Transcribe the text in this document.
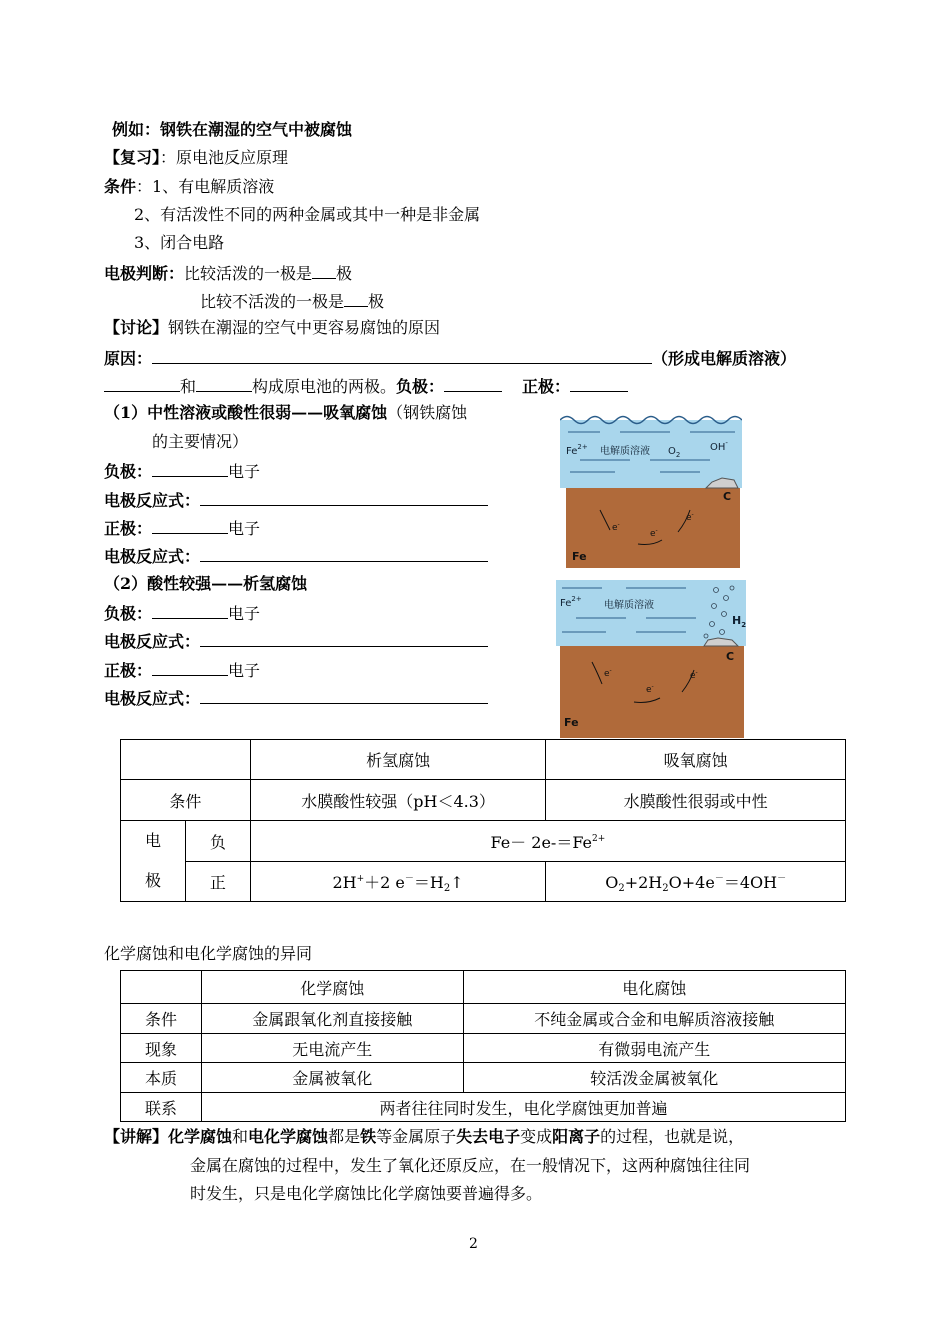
例如：钢铁在潮湿的空气中被腐蚀
【复习】：原电池反应原理
条件：1、有电解质溶液
2、有活泼性不同的两种金属或其中一种是非金属
3、闭合电路
电极判断：比较活泼的一极是 极
比较不活泼的一极是 极
【讨论】钢铁在潮湿的空气中更容易腐蚀的原因
原因：	（形成电解质溶液）
和	构成原电池的两极。负极：	正极：
（1）中性溶液或酸性很弱——吸氧腐蚀（钢铁腐蚀
的主要情况）
负极：	电子
电极反应式：
正极：	电子
电极反应式：
（2）酸性较强——析氢腐蚀
负极：	电子
电极反应式：
正极：	电子
电极反应式：
$Fe^{2+}$ 电解质溶液 $O_2$
OH-
C
e-
e-
e-
Fe
$Fe^{2+}$
电解质溶液
$H_2$
C
e-
e-
e-
Fe
		析氢腐蚀	吸氧腐蚀
条件		水膜酸性较强（pH＜4.3）	水膜酸性很弱或中性
电
极	负	$Fe- 2e-=Fe^{2+}$
	正	2H+＋2 $e^-=H_2↑$	$O_2+2H_2O+4e^-=4OH^-$
化学腐蚀和电化学腐蚀的异同
	化学腐蚀	电化腐蚀
条件	金属跟氧化剂直接接触	不纯金属或合金和电解质溶液接触
现象	无电流产生	有微弱电流产生
本质	金属被氧化	较活泼金属被氧化
联系	两者往往同时发生，电化学腐蚀更加普遍	
【讲解】化学腐蚀和电化学腐蚀都是铁等金属原子失去电子变成阳离子的过程，也就是说，
金属在腐蚀的过程中，发生了氧化还原反应，在一般情况下，这两种腐蚀往往同
时发生，只是电化学腐蚀比化学腐蚀要普遍得多。
2
